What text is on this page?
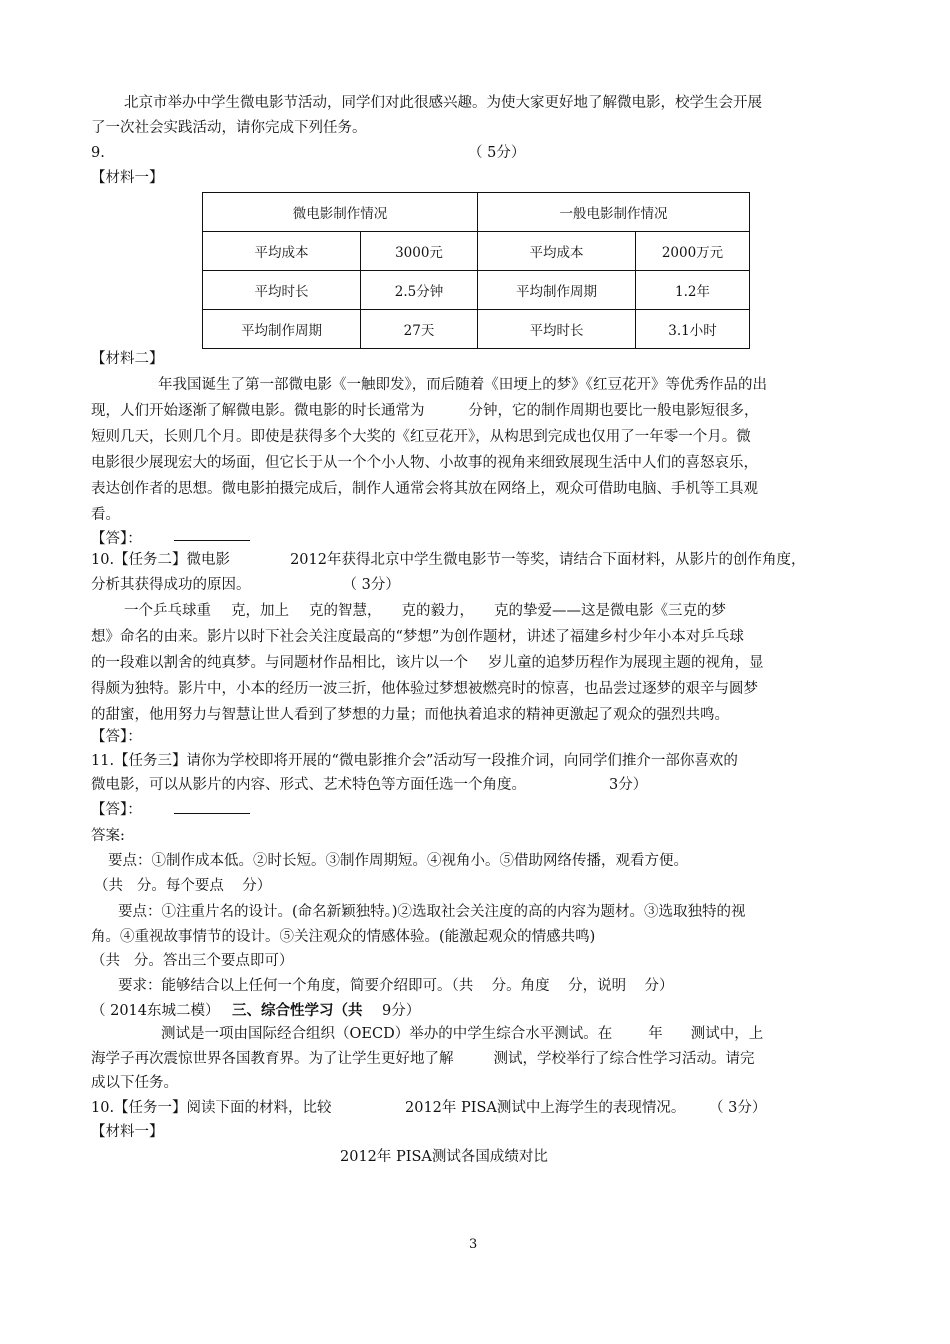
北京市举办中学生微电影节活动，同学们对此很感兴趣。为使大家更好地了解微电影，校学生会开展
了一次社会实践活动，请你完成下列任务。
9.	（ 5分）
【材料一】
微电影制作情况		一般电影制作情况	
平均成本	3000元	平均成本	2000万元
平均时长	2.5分钟	平均制作周期	1.2年
平均制作周期	27天	平均时长	3.1小时
【材料二】
年我国诞生了第一部微电影《一触即发》，而后随着《田埂上的梦》《红豆花开》等优秀作品的出
现，人们开始逐渐了解微电影。微电影的时长通常为	分钟，它的制作周期也要比一般电影短很多，
短则几天，长则几个月。即使是获得多个大奖的《红豆花开》，从构思到完成也仅用了一年零一个月。微
电影很少展现宏大的场面，但它长于从一个个小人物、小故事的视角来细致展现生活中人们的喜怒哀乐，
表达创作者的思想。微电影拍摄完成后，制作人通常会将其放在网络上，观众可借助电脑、手机等工具观
看。
【答】：
10.【任务二】微电影	2012年获得北京中学生微电影节一等奖，请结合下面材料，从影片的创作角度，
分析其获得成功的原因。	（ 3分）
一个乒乓球重 克，加上 克的智慧， 克的毅力， 克的挚爱——这是微电影《三克的梦
想》命名的由来。影片以时下社会关注度最高的“梦想”为创作题材，讲述了福建乡村少年小本对乒乓球
的一段难以割舍的纯真梦。与同题材作品相比，该片以一个 岁儿童的追梦历程作为展现主题的视角，显
得颇为独特。影片中，小本的经历一波三折，他体验过梦想被燃亮时的惊喜，也品尝过逐梦的艰辛与圆梦
的甜蜜，他用努力与智慧让世人看到了梦想的力量；而他执着追求的精神更激起了观众的强烈共鸣。
【答】：
11.【任务三】请你为学校即将开展的“微电影推介会”活动写一段推介词，向同学们推介一部你喜欢的
微电影，可以从影片的内容、形式、艺术特色等方面任选一个角度。	3分）
【答】：
答案:
要点：①制作成本低。②时长短。③制作周期短。④视角小。⑤借助网络传播，观看方便。
（共   分。每个要点    分）
要点：①注重片名的设计。(命名新颖独特。)②选取社会关注度的高的内容为题材。③选取独特的视
角。④重视故事情节的设计。⑤关注观众的情感体验。(能激起观众的情感共鸣)
（共   分。答出三个要点即可）
要求：能够结合以上任何一个角度，简要介绍即可。（共    分。角度    分，说明    分）
（ 2014东城二模） 三、综合性学习（共 9分）
测试是一项由国际经合组织（OECD）举办的中学生综合水平测试。在 年 测试中，上
海学子再次震惊世界各国教育界。为了让学生更好地了解	测试，学校举行了综合性学习活动。请完
成以下任务。
10.【任务一】阅读下面的材料，比较	2012年 PISA测试中上海学生的表现情况。 （ 3分）
【材料一】
2012年 PISA测试各国成绩对比
3
